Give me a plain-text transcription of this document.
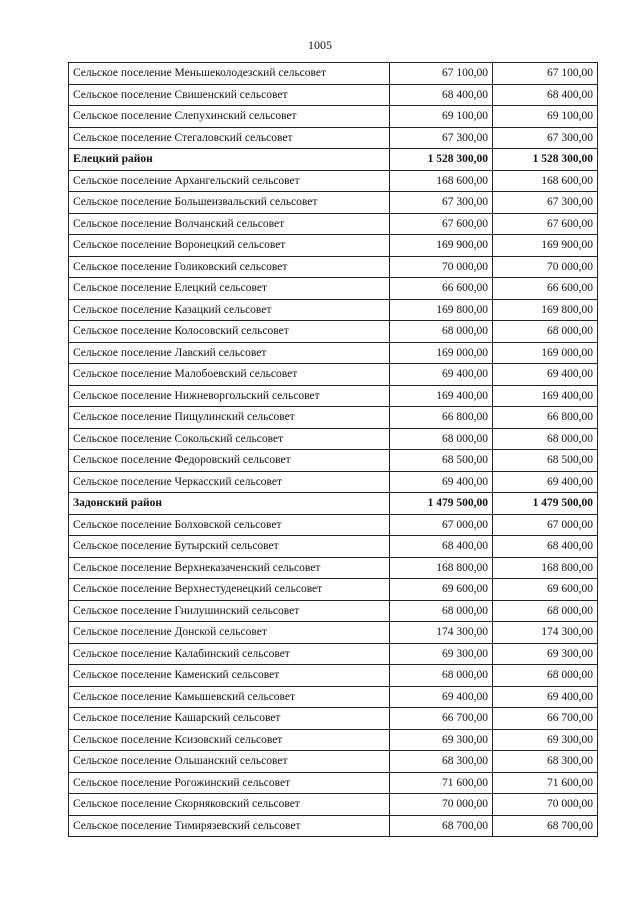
1005
Сельское поселение Меньшеколодезский сельсовет	67 100,00	67 100,00
Сельское поселение Свишенский сельсовет	68 400,00	68 400,00
Сельское поселение Слепухинский сельсовет	69 100,00	69 100,00
Сельское поселение Стегаловский сельсовет	67 300,00	67 300,00
Елецкий район	1 528 300,00	1 528 300,00
Сельское поселение Архангельский сельсовет	168 600,00	168 600,00
Сельское поселение Большеизвальский сельсовет	67 300,00	67 300,00
Сельское поселение Волчанский сельсовет	67 600,00	67 600,00
Сельское поселение Воронецкий сельсовет	169 900,00	169 900,00
Сельское поселение Голиковский сельсовет	70 000,00	70 000,00
Сельское поселение Елецкий сельсовет	66 600,00	66 600,00
Сельское поселение Казацкий сельсовет	169 800,00	169 800,00
Сельское поселение Колосовский сельсовет	68 000,00	68 000,00
Сельское поселение Лавский сельсовет	169 000,00	169 000,00
Сельское поселение Малобоевский сельсовет	69 400,00	69 400,00
Сельское поселение Нижневоргольский сельсовет	169 400,00	169 400,00
Сельское поселение Пищулинский сельсовет	66 800,00	66 800,00
Сельское поселение Сокольский сельсовет	68 000,00	68 000,00
Сельское поселение Федоровский сельсовет	68 500,00	68 500,00
Сельское поселение Черкасский сельсовет	69 400,00	69 400,00
Задонский район	1 479 500,00	1 479 500,00
Сельское поселение Болховской сельсовет	67 000,00	67 000,00
Сельское поселение Бутырский сельсовет	68 400,00	68 400,00
Сельское поселение Верхнеказаченский сельсовет	168 800,00	168 800,00
Сельское поселение Верхнестуденецкий сельсовет	69 600,00	69 600,00
Сельское поселение Гнилушинский сельсовет	68 000,00	68 000,00
Сельское поселение Донской сельсовет	174 300,00	174 300,00
Сельское поселение Калабинский сельсовет	69 300,00	69 300,00
Сельское поселение Каменский сельсовет	68 000,00	68 000,00
Сельское поселение Камышевский сельсовет	69 400,00	69 400,00
Сельское поселение Кашарский сельсовет	66 700,00	66 700,00
Сельское поселение Ксизовский сельсовет	69 300,00	69 300,00
Сельское поселение Ольшанский сельсовет	68 300,00	68 300,00
Сельское поселение Рогожинский сельсовет	71 600,00	71 600,00
Сельское поселение Скорняковский сельсовет	70 000,00	70 000,00
Сельское поселение Тимирязевский сельсовет	68 700,00	68 700,00
